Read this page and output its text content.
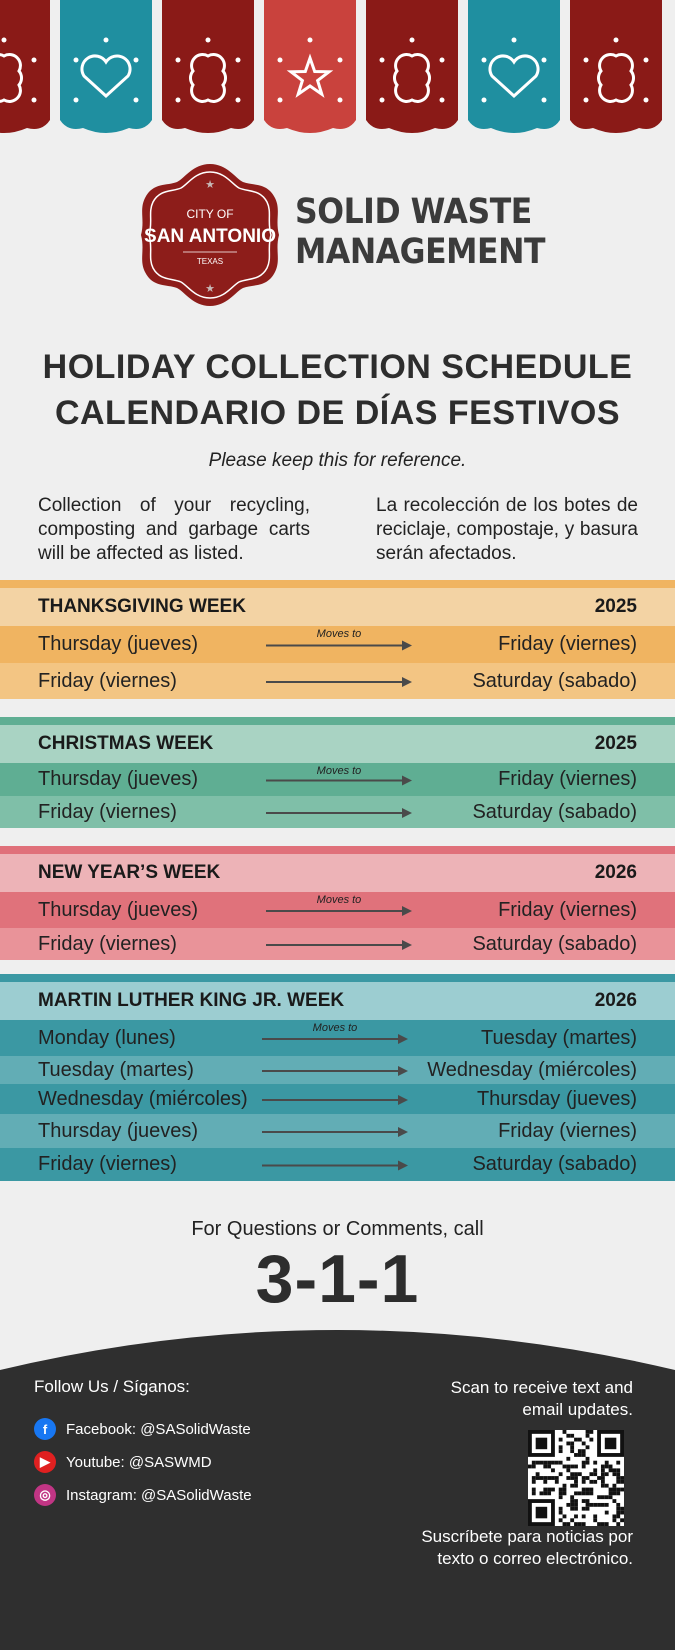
★
★
CITY OF
SAN ANTONIO
TEXAS
SOLID WASTE
MANAGEMENT
HOLIDAY COLLECTION SCHEDULE
CALENDARIO DE DÍAS FESTIVOS
Please keep this for reference.
Collection of your recycling, composting and garbage carts will be affected as listed.
La recolección de los botes de reciclaje, compostaje, y basura serán afectados.
THANKSGIVING WEEK	2025
Thursday (jueves)	Friday (viernes)
Moves to
Friday (viernes)	Saturday (sabado)
CHRISTMAS WEEK	2025
Thursday (jueves)	Friday (viernes)
Moves to
Friday (viernes)	Saturday (sabado)
NEW YEAR’S WEEK	2026
Thursday (jueves)	Friday (viernes)
Moves to
Friday (viernes)	Saturday (sabado)
MARTIN LUTHER KING JR. WEEK	2026
Monday (lunes)	Tuesday (martes)
Moves to
Tuesday (martes)	Wednesday (miércoles)
Wednesday (miércoles)	Thursday (jueves)
Thursday (jueves)	Friday (viernes)
Friday (viernes)	Saturday (sabado)
For Questions or Comments, call
3-1-1
Follow Us / Síganos:
f	Facebook: @SASolidWaste
▶	Youtube: @SASWMD
◎	Instagram: @SASolidWaste
Scan to receive text and email updates.
Suscríbete para noticias por texto o correo electrónico.
